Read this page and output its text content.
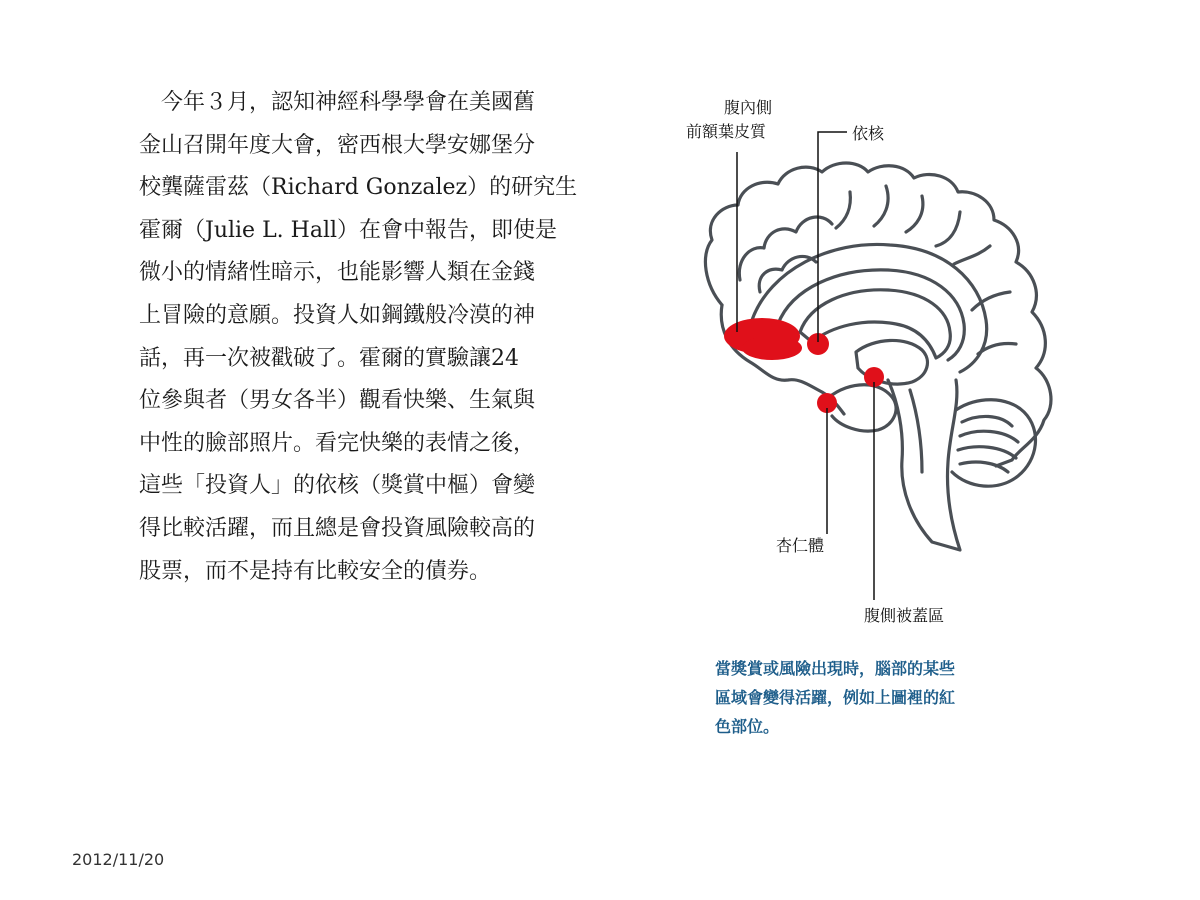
　今年３月，認知神經科學學會在美國舊
金山召開年度大會，密西根大學安娜堡分
校龔薩雷茲（Richard Gonzalez）的研究生
霍爾（Julie L. Hall）在會中報告，即使是
微小的情緒性暗示，也能影響人類在金錢
上冒險的意願。投資人如鋼鐵般冷漠的神
話，再一次被戳破了。霍爾的實驗讓24
位參與者（男女各半）觀看快樂、生氣與
中性的臉部照片。看完快樂的表情之後，
這些「投資人」的依核（獎賞中樞）會變
得比較活躍，而且總是會投資風險較高的
股票，而不是持有比較安全的債券。
腹內側
前額葉皮質	依核
杏仁體
腹側被蓋區
當獎賞或風險出現時，腦部的某些
區域會變得活躍，例如上圖裡的紅
色部位。
2012/11/20
